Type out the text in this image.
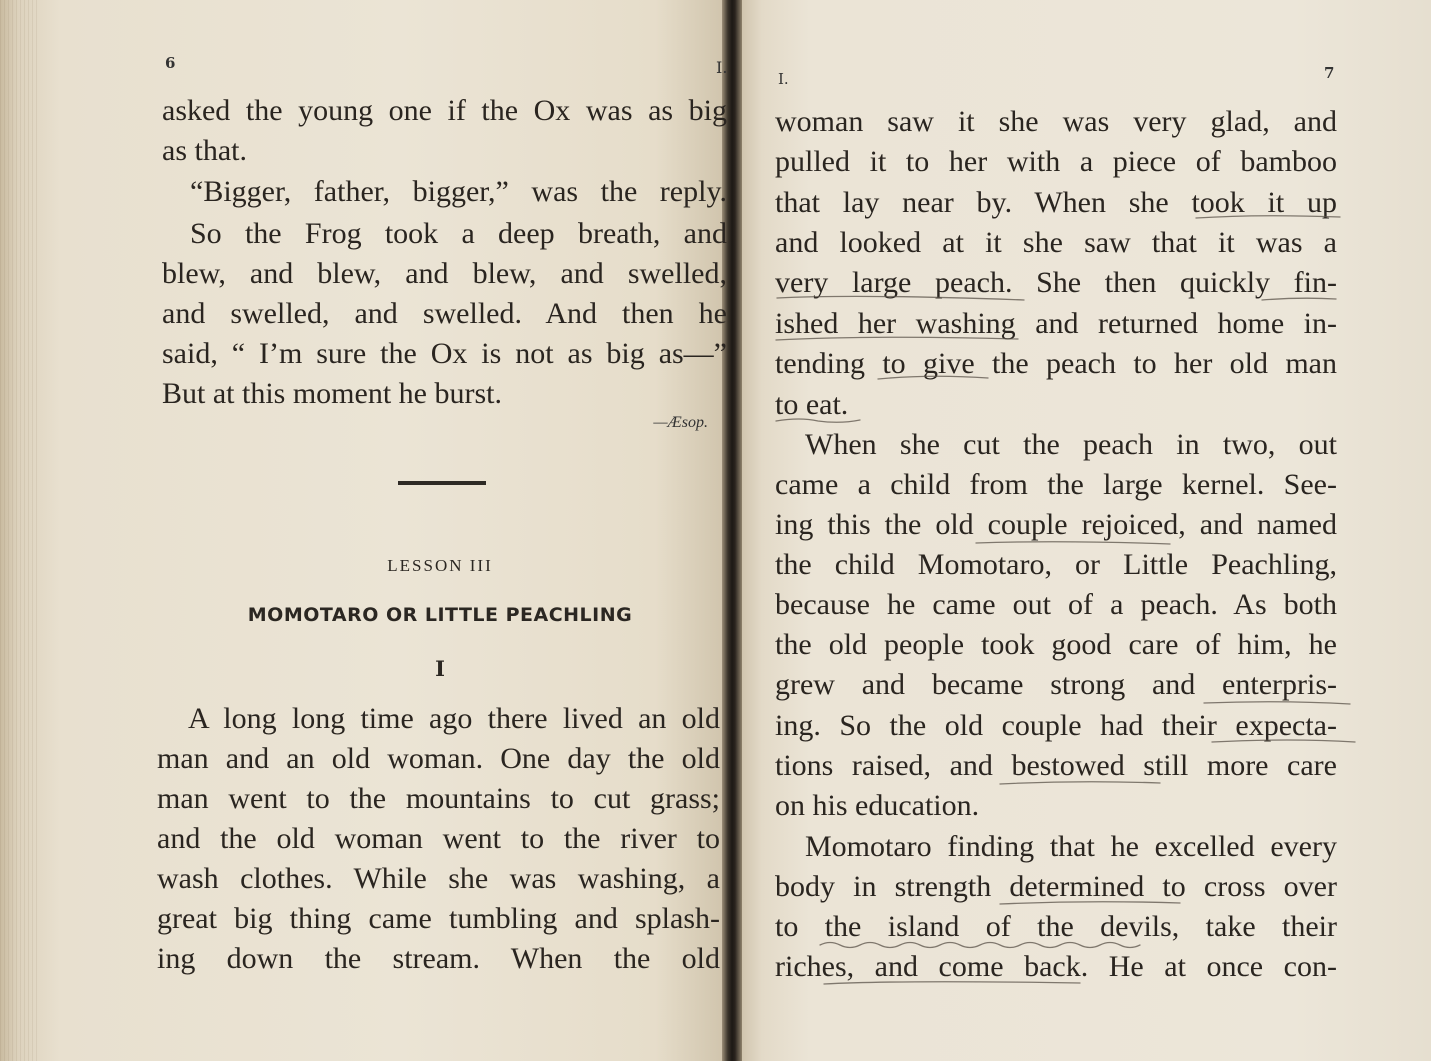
6	I.
asked the young one if the Ox was as big
as that.
“Bigger, father, bigger,” was the reply.
So the Frog took a deep breath, and
blew, and blew, and blew, and swelled,
and swelled, and swelled. And then he
said, “ I’m sure the Ox is not as big as—”
But at this moment he burst.
—Æsop.
LESSON III
MOMOTARO OR LITTLE PEACHLING
I
A long long time ago there lived an old
man and an old woman. One day the old
man went to the mountains to cut grass;
and the old woman went to the river to
wash clothes. While she was washing, a
great big thing came tumbling and splash-
ing down the stream. When the old
I.	7
woman saw it she was very glad, and
pulled it to her with a piece of bamboo
that lay near by. When she took it up
and looked at it she saw that it was a
very large peach. She then quickly fin-
ished her washing and returned home in-
tending to give the peach to her old man
to eat.
When she cut the peach in two, out
came a child from the large kernel. See-
ing this the old couple rejoiced, and named
the child Momotaro, or Little Peachling,
because he came out of a peach. As both
the old people took good care of him, he
grew and became strong and enterpris-
ing. So the old couple had their expecta-
tions raised, and bestowed still more care
on his education.
Momotaro finding that he excelled every
body in strength determined to cross over
to the island of the devils, take their
riches, and come back. He at once con-
